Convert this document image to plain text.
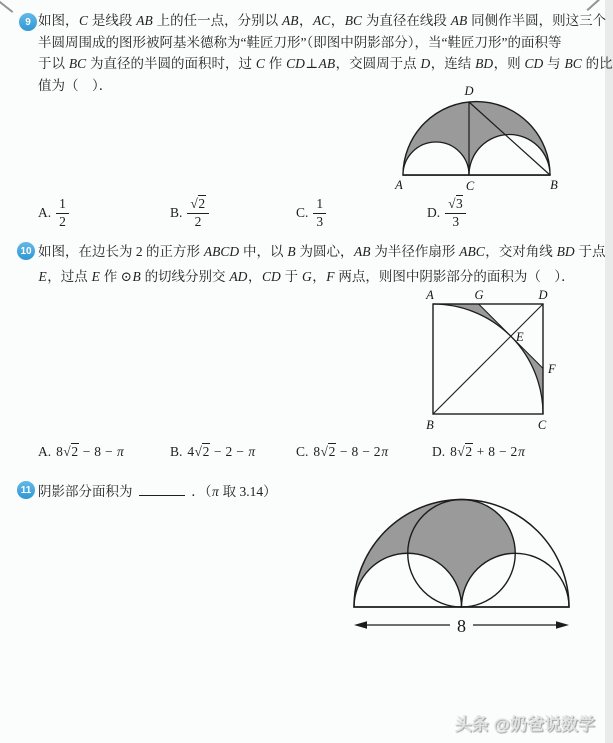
9 如图，C 是线段 AB 上的任一点，分别以 AB，AC，BC 为直径在线段 AB 同侧作半圆，则这三个
半圆周围成的图形被阿基米德称为“鞋匠刀形”（即图中阴影部分），当“鞋匠刀形”的面积等
于以 BC 为直径的半圆的面积时，过 C 作 CD⊥AB，交圆周于点 D，连结 BD，则 CD 与 BC 的比
值为（　）．
A	C	B
D
A. $\frac{1}{2}$	B. $\frac{√2}{2}$	C. $\frac{1}{3}$	D. $\frac{√3}{3}$
10 如图，在边长为 2 的正方形 ABCD 中，以 B 为圆心，AB 为半径作扇形 ABC，交对角线 BD 于点
E，过点 E 作 ⊙B 的切线分别交 AD，CD 于 G，F 两点，则图中阴影部分的面积为（　）．
A	G	D
B	C
E
F
A. 8√2 − 8 − π	B. 4√2 − 2 − π	C. 8√2 − 8 − 2π	D. 8√2 + 8 − 2π
11 阴影部分面积为	．（π 取 3.14）
8
头条 @奶爸说数学
